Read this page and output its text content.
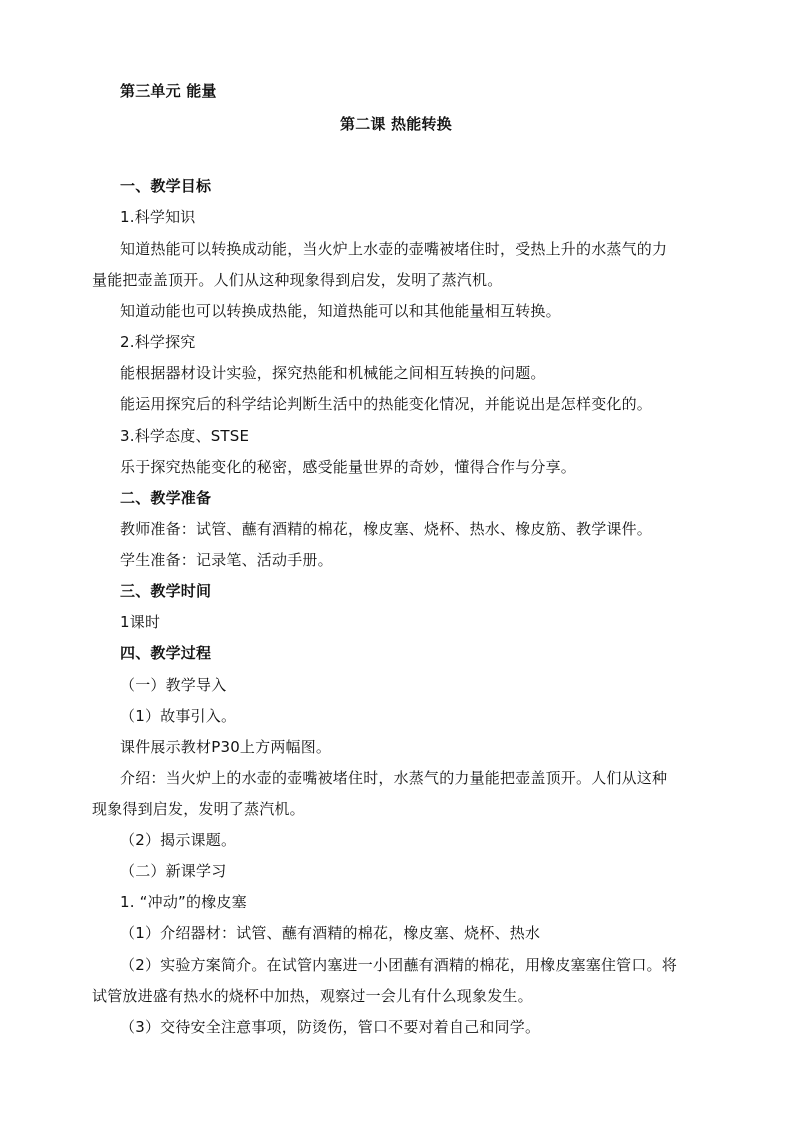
第三单元 能量
第二课 热能转换
一、教学目标
1.科学知识
知道热能可以转换成动能，当火炉上水壶的壶嘴被堵住时，受热上升的水蒸气的力
量能把壶盖顶开。人们从这种现象得到启发，发明了蒸汽机。
知道动能也可以转换成热能，知道热能可以和其他能量相互转换。
2.科学探究
能根据器材设计实验，探究热能和机械能之间相互转换的问题。
能运用探究后的科学结论判断生活中的热能变化情况，并能说出是怎样变化的。
3.科学态度、STSE
乐于探究热能变化的秘密，感受能量世界的奇妙，懂得合作与分享。
二、教学准备
教师准备：试管、蘸有酒精的棉花，橡皮塞、烧杯、热水、橡皮筋、教学课件。
学生准备：记录笔、活动手册。
三、教学时间
1课时
四、教学过程
（一）教学导入
（1）故事引入。
课件展示教材P30上方两幅图。
介绍：当火炉上的水壶的壶嘴被堵住时，水蒸气的力量能把壶盖顶开。人们从这种
现象得到启发，发明了蒸汽机。
（2）揭示课题。
（二）新课学习
1. “冲动”的橡皮塞
（1）介绍器材：试管、蘸有酒精的棉花，橡皮塞、烧杯、热水
（2）实验方案简介。在试管内塞进一小团蘸有酒精的棉花，用橡皮塞塞住管口。将
试管放进盛有热水的烧杯中加热，观察过一会儿有什么现象发生。
（3）交待安全注意事项，防烫伤，管口不要对着自己和同学。
